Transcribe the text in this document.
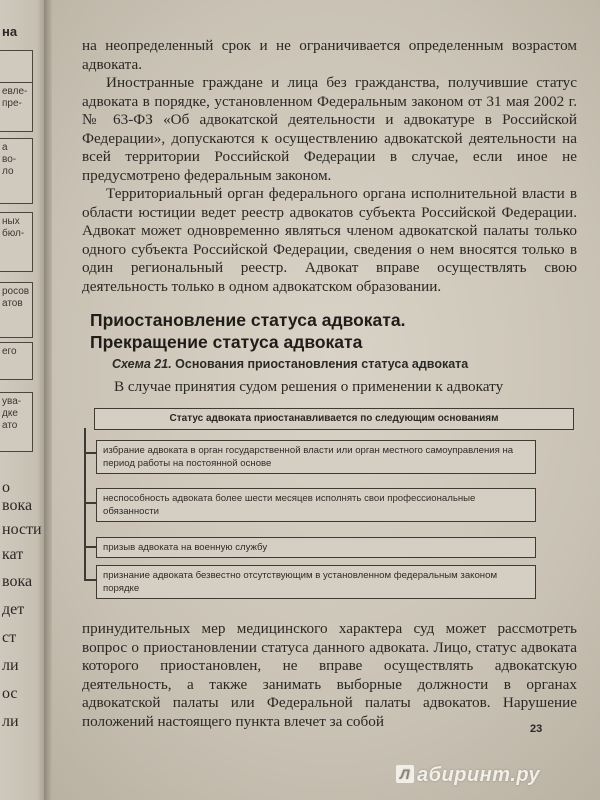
на
евле-
пре-
а
во-
ло
ных
бюл-
росов
атов
его
ува-
дке
ато
о
вока
ности
кат
вока
дет
ст
ли
ос
ли

на неопределенный срок и не ограничивается определенным возрастом адвоката.

Иностранные граждане и лица без гражданства, получившие статус адвоката в порядке, установленном Федеральным законом от 31 мая 2002 г. № 63-ФЗ «Об адвокатской деятельности и адвокатуре в Российской Федерации», допускаются к осуществлению адвокатской деятельности на всей территории Российской Федерации в случае, если иное не предусмотрено федеральным законом.

Территориальный орган федерального органа исполнительной власти в области юстиции ведет реестр адвокатов субъекта Российской Федерации. Адвокат может одновременно являться членом адвокатской палаты только одного субъекта Российской Федерации, сведения о нем вносятся только в один региональный реестр. Адвокат вправе осуществлять свою деятельность только в одном адвокатском образовании.

Приостановление статуса адвоката.
Прекращение статуса адвоката
Схема 21. Основания приостановления статуса адвоката
В случае принятия судом решения о применении к адвокату
Статус адвоката приостанавливается по следующим основаниям
избрание адвоката в орган государственной власти или орган местного самоуправления на период работы на постоянной основе
неспособность адвоката более шести месяцев исполнять свои профессиональные обязанности
призыв адвоката на военную службу
признание адвоката безвестно отсутствующим в установленном федеральным законом порядке

принудительных мер медицинского характера суд может рассмотреть вопрос о приостановлении статуса данного адвоката. Лицо, статус адвоката которого приостановлен, не вправе осуществлять адвокатскую деятельность, а также занимать выборные должности в органах адвокатской палаты или Федеральной палаты адвокатов. Нарушение положений настоящего пункта влечет за собой	23
Л абиринт.ру
